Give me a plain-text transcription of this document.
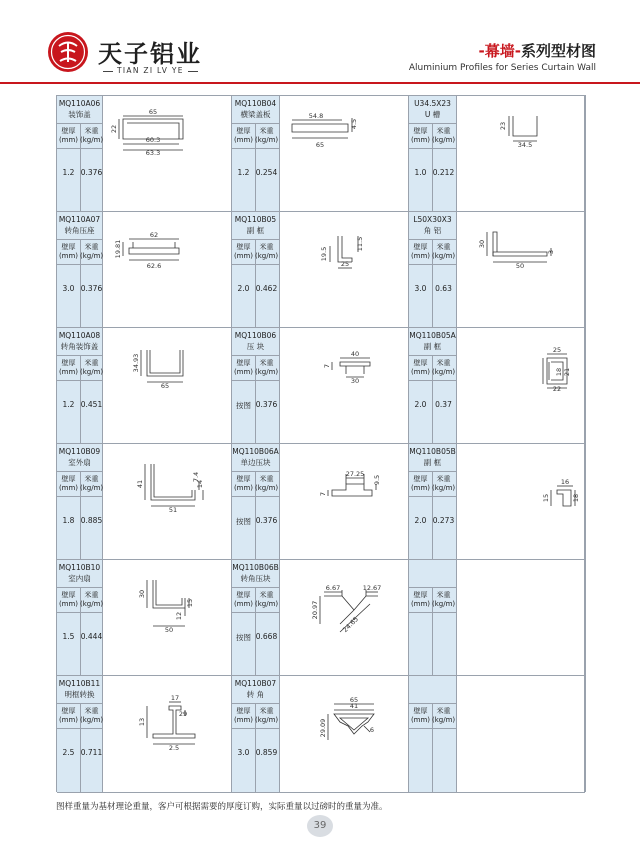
天子铝业
TIAN ZI LV YE
-幕墙-系列型材图
Aluminium Profiles for Series Curtain Wall
MQ110A06
装饰盖
壁厚
(mm)
米重
(kg/m)
1.2 0.376
65
22
60.3
63.3
MQ110B04
横梁盖板
壁厚
(mm)
米重
(kg/m)
1.2 0.254
54.8
4.5
65
U34.5X23
U 槽
壁厚
(mm)
米重
(kg/m)
1.0 0.212
23
34.5
MQ110A07
转角压座
壁厚
(mm)
米重
(kg/m)
3.0 0.376
62
19.81
62.6
MQ110B05
副 框
壁厚
(mm)
米重
(kg/m)
2.0 0.462
19.5
11.5
25
L50X30X3
角 铝
壁厚
(mm)
米重
(kg/m)
3.0	0.63
30
3
50
MQ110A08
转角装饰盖
壁厚
(mm)
米重
(kg/m)
1.2 0.451
34.93
65
MQ110B06
压 块
壁厚
(mm)
米重
(kg/m)
按图 0.376
40
7
30
MQ110B05A
副 框
壁厚
(mm)
米重
(kg/m)
2.0	0.37
25
18 21
22
MQ110B09
室外扇
壁厚
(mm)
米重
(kg/m)
1.8 0.885
41
7.4
14
51
MQ110B06A
单边压块
壁厚
(mm)
米重
(kg/m)
按图 0.376
27.25
9.5
7
MQ110B05B
副 框
壁厚
(mm)
米重
(kg/m)
2.0 0.273
16
15	18
MQ110B10
室内扇
壁厚
(mm)
米重
(kg/m)
1.5 0.444
30
15
12
50
MQ110B06B
转角压块
壁厚
(mm)
米重
(kg/m)
按图 0.668
6.67	12.67
20.97
24.65
壁厚
(mm)
米重
(kg/m)
MQ110B11
明框转换
壁厚
(mm)
米重
(kg/m)
2.5 0.711
17
13
29
2.5
MQ110B07
转 角
壁厚
(mm)
米重
(kg/m)
3.0 0.859
65
41
29.09	6
壁厚
(mm)
米重
(kg/m)
图样重量为基材理论重量，客户可根据需要的厚度订购，实际重量以过磅时的重量为准。
39
